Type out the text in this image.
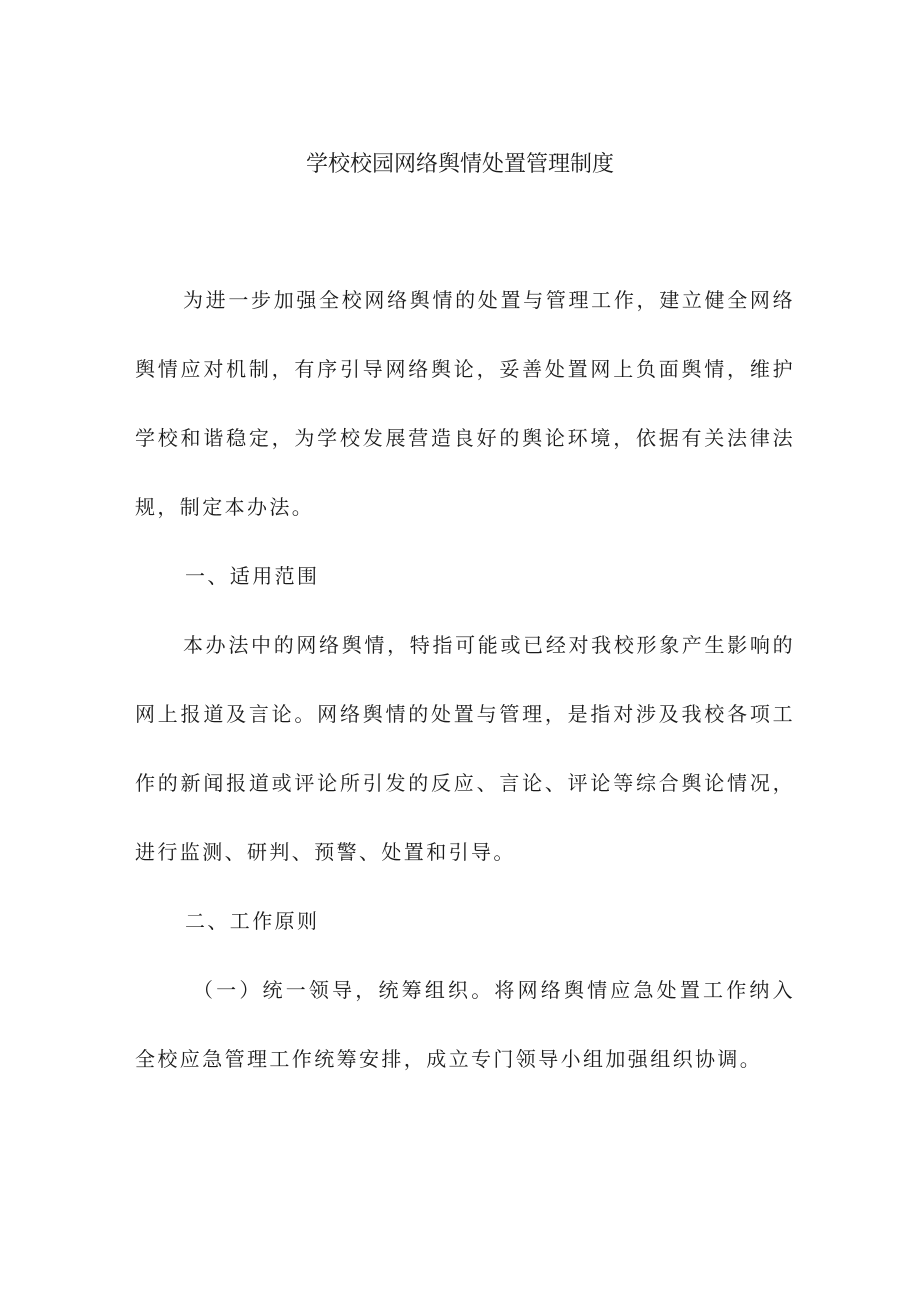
学校校园网络舆情处置管理制度

为进一步加强全校网络舆情的处置与管理工作，建立健全网络舆情应对机制，有序引导网络舆论，妥善处置网上负面舆情，维护学校和谐稳定，为学校发展营造良好的舆论环境，依据有关法律法规，制定本办法。

一、适用范围

本办法中的网络舆情，特指可能或已经对我校形象产生影响的网上报道及言论。网络舆情的处置与管理，是指对涉及我校各项工作的新闻报道或评论所引发的反应、言论、评论等综合舆论情况，进行监测、研判、预警、处置和引导。

二、工作原则

（一）统一领导，统筹组织。将网络舆情应急处置工作纳入全校应急管理工作统筹安排，成立专门领导小组加强组织协调。
